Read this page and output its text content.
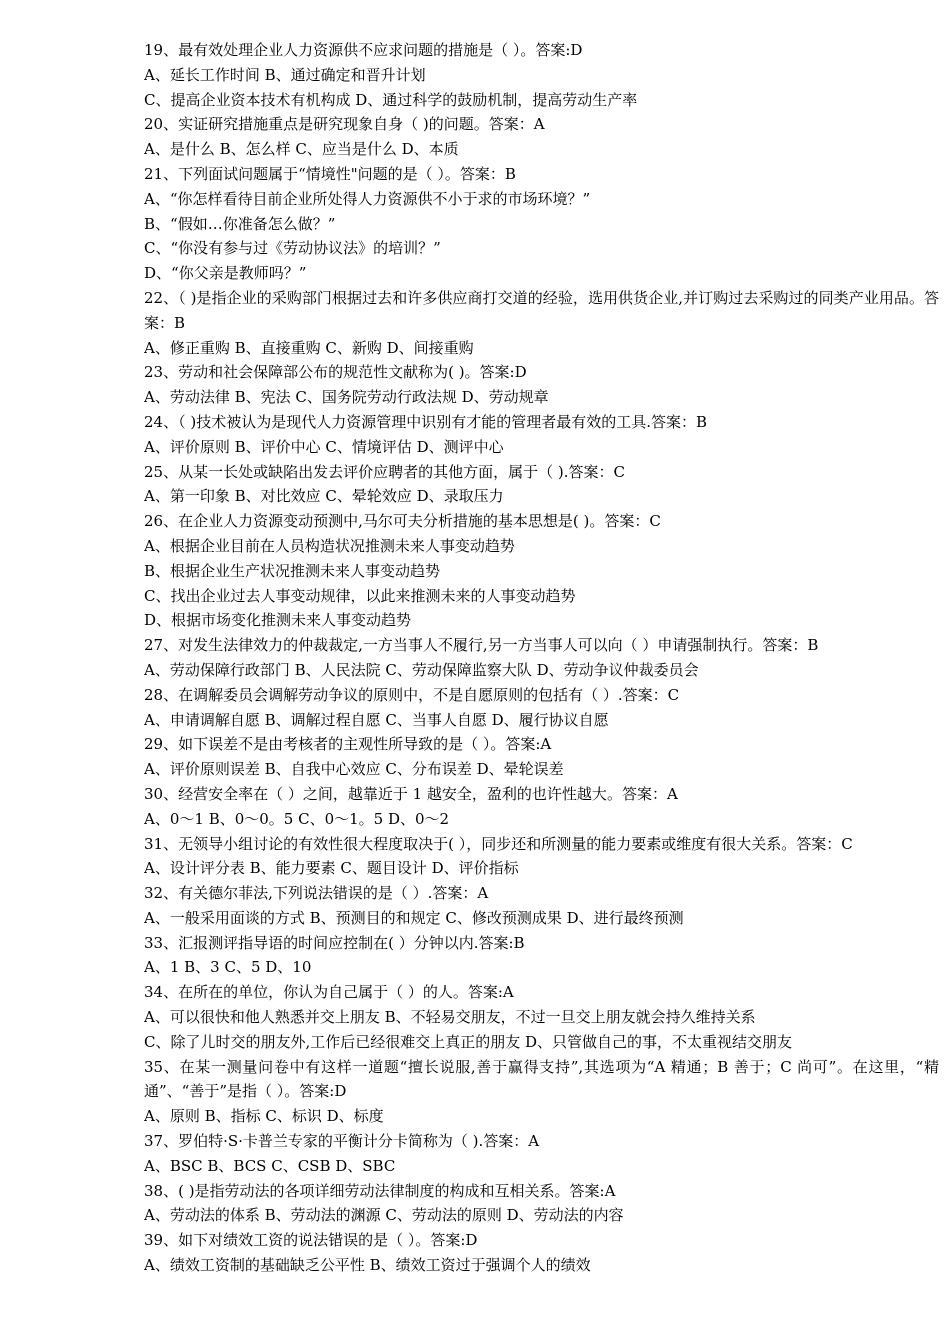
19、最有效处理企业人力资源供不应求问题的措施是（ ）。答案:D
A、延长工作时间 B、通过确定和晋升计划
C、提高企业资本技术有机构成 D、通过科学的鼓励机制，提高劳动生产率
20、实证研究措施重点是研究现象自身（ )的问题。答案：A
A、是什么 B、怎么样 C、应当是什么 D、本质
21、下列面试问题属于“情境性"问题的是（ ）。答案：B
A、“你怎样看待目前企业所处得人力资源供不小于求的市场环境？”
B、“假如…你准备怎么做？”
C、“你没有参与过《劳动协议法》的培训？”
D、“你父亲是教师吗？”
22、（ )是指企业的采购部门根据过去和许多供应商打交道的经验，选用供货企业,并订购过去采购过的同类产业用品。答案：B
A、修正重购 B、直接重购 C、新购 D、间接重购
23、劳动和社会保障部公布的规范性文献称为( )。答案:D
A、劳动法律 B、宪法 C、国务院劳动行政法规 D、劳动规章
24、（ )技术被认为是现代人力资源管理中识别有才能的管理者最有效的工具.答案：B
A、评价原则 B、评价中心 C、情境评估 D、测评中心
25、从某一长处或缺陷出发去评价应聘者的其他方面，属于（ ).答案：C
A、第一印象 B、对比效应 C、晕轮效应 D、录取压力
26、在企业人力资源变动预测中,马尔可夫分析措施的基本思想是( )。答案：C
A、根据企业目前在人员构造状况推测未来人事变动趋势
B、根据企业生产状况推测未来人事变动趋势
C、找出企业过去人事变动规律，以此来推测未来的人事变动趋势
D、根据市场变化推测未来人事变动趋势
27、对发生法律效力的仲裁裁定,一方当事人不履行,另一方当事人可以向（ ）申请强制执行。答案：B
A、劳动保障行政部门 B、人民法院 C、劳动保障监察大队 D、劳动争议仲裁委员会
28、在调解委员会调解劳动争议的原则中，不是自愿原则的包括有（ ）.答案：C
A、申请调解自愿 B、调解过程自愿 C、当事人自愿 D、履行协议自愿
29、如下误差不是由考核者的主观性所导致的是（ ）。答案:A
A、评价原则误差 B、自我中心效应 C、分布误差 D、晕轮误差
30、经营安全率在（ ）之间，越靠近于 1 越安全，盈利的也许性越大。答案：A
A、0～1 B、0～0。5 C、0～1。5 D、0～2
31、无领导小组讨论的有效性很大程度取决于( ），同步还和所测量的能力要素或维度有很大关系。答案：C
A、设计评分表 B、能力要素 C、题目设计 D、评价指标
32、有关德尔菲法,下列说法错误的是（ ）.答案：A
A、一般采用面谈的方式 B、预测目的和规定 C、修改预测成果 D、进行最终预测
33、汇报测评指导语的时间应控制在( ）分钟以内.答案:B
A、1 B、3 C、5 D、10
34、在所在的单位，你认为自己属于（ ）的人。答案:A
A、可以很快和他人熟悉并交上朋友 B、不轻易交朋友，不过一旦交上朋友就会持久维持关系
C、除了儿时交的朋友外,工作后已经很难交上真正的朋友 D、只管做自己的事，不太重视结交朋友
35、在某一测量问卷中有这样一道题“擅长说服,善于赢得支持”,其选项为“A 精通；B 善于；C 尚可”。在这里，“精通”、“善于”是指（ ）。答案:D
A、原则 B、指标 C、标识 D、标度
37、罗伯特·S·卡普兰专家的平衡计分卡简称为（ ).答案：A
A、BSC B、BCS C、CSB D、SBC
38、( )是指劳动法的各项详细劳动法律制度的构成和互相关系。答案:A
A、劳动法的体系 B、劳动法的渊源 C、劳动法的原则 D、劳动法的内容
39、如下对绩效工资的说法错误的是（ ）。答案:D
A、绩效工资制的基础缺乏公平性 B、绩效工资过于强调个人的绩效
